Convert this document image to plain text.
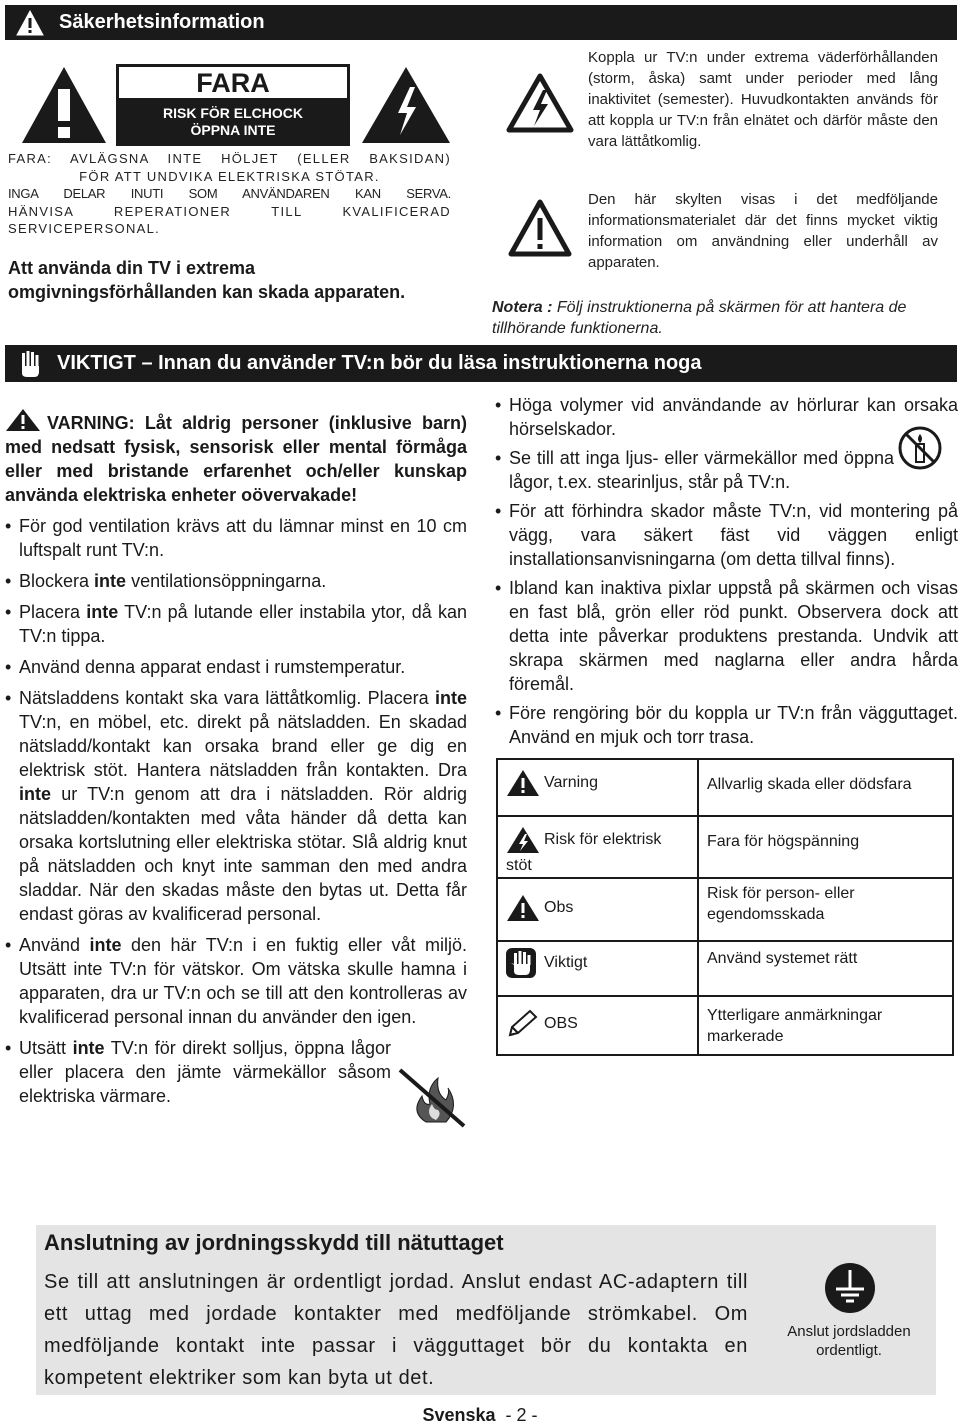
Säkerhetsinformation
FARA
RISK FÖR ELCHOCK
ÖPPNA INTE
FARA: AVLÄGSNA INTE HÖLJET (ELLER BAKSIDAN)
FÖR ATT UNDVIKA ELEKTRISKA STÖTAR.
INGA DELAR INUTI SOM ANVÄNDAREN KAN SERVA.
HÄNVISA REPERATIONER TILL KVALIFICERAD
SERVICEPERSONAL.
Att använda din TV i extrema omgivningsförhållanden kan skada apparaten.
Koppla ur TV:n under extrema väderförhållanden (storm, åska) samt under perioder med lång inaktivitet (semester). Huvudkontakten används för att koppla ur TV:n från elnätet och därför måste den vara lättåtkomlig.
Den här skylten visas i det medföljande informationsmaterialet där det finns mycket viktig information om användning eller underhåll av apparaten.
Notera : Följ instruktionerna på skärmen för att hantera de tillhörande funktionerna.
VIKTIGT – Innan du använder TV:n bör du läsa instruktionerna noga
VARNING: Låt aldrig personer (inklusive barn) med nedsatt fysisk, sensorisk eller mental förmåga eller med bristande erfarenhet och/eller kunskap använda elektriska enheter oövervakade!
• För god ventilation krävs att du lämnar minst en 10 cm luftspalt runt TV:n.
• Blockera inte ventilationsöppningarna.
• Placera inte TV:n på lutande eller instabila ytor, då kan TV:n tippa.
• Använd denna apparat endast i rumstemperatur.
• Nätsladdens kontakt ska vara lättåtkomlig. Placera inte TV:n, en möbel, etc. direkt på nätsladden. En skadad nätsladd/kontakt kan orsaka brand eller ge dig en elektrisk stöt. Hantera nätsladden från kontakten. Dra inte ur TV:n genom att dra i nätsladden. Rör aldrig nätsladden/kontakten med våta händer då detta kan orsaka kortslutning eller elektriska stötar. Slå aldrig knut på nätsladden och knyt inte samman den med andra sladdar. När den skadas måste den bytas ut. Detta får endast göras av kvalificerad personal.
• Använd inte den här TV:n i en fuktig eller våt miljö. Utsätt inte TV:n för vätskor. Om vätska skulle hamna i apparaten, dra ur TV:n och se till att den kontrolleras av kvalificerad personal innan du använder den igen.
• Utsätt inte TV:n för direkt solljus, öppna lågor eller placera den jämte värmekällor såsom elektriska värmare.
• Höga volymer vid användande av hörlurar kan orsaka hörselskador.
• Se till att inga ljus- eller värmekällor med öppna lågor, t.ex. stearinljus, står på TV:n.
• För att förhindra skador måste TV:n, vid montering på vägg, vara säkert fäst vid väggen enligt installationsanvisningarna (om detta tillval finns).
• Ibland kan inaktiva pixlar uppstå på skärmen och visas en fast blå, grön eller röd punkt. Observera dock att detta inte påverkar produktens prestanda. Undvik att skrapa skärmen med naglarna eller andra hårda föremål.
• Före rengöring bör du koppla ur TV:n från vägguttaget. Använd en mjuk och torr trasa.
Varning	Allvarlig skada eller dödsfara
Risk för elektrisk stöt	Fara för högspänning
Obs	Risk för person- eller egendomsskada
Viktigt	Använd systemet rätt
OBS	Ytterligare anmärkningar markerade
Anslutning av jordningsskydd till nätuttaget
Se till att anslutningen är ordentligt jordad. Anslut endast AC-adaptern till ett uttag med jordade kontakter med medföljande strömkabel. Om medföljande kontakt inte passar i vägguttaget bör du kontakta en kompetent elektriker som kan byta ut det.
Anslut jordsladden ordentligt.
Svenska - 2 -
